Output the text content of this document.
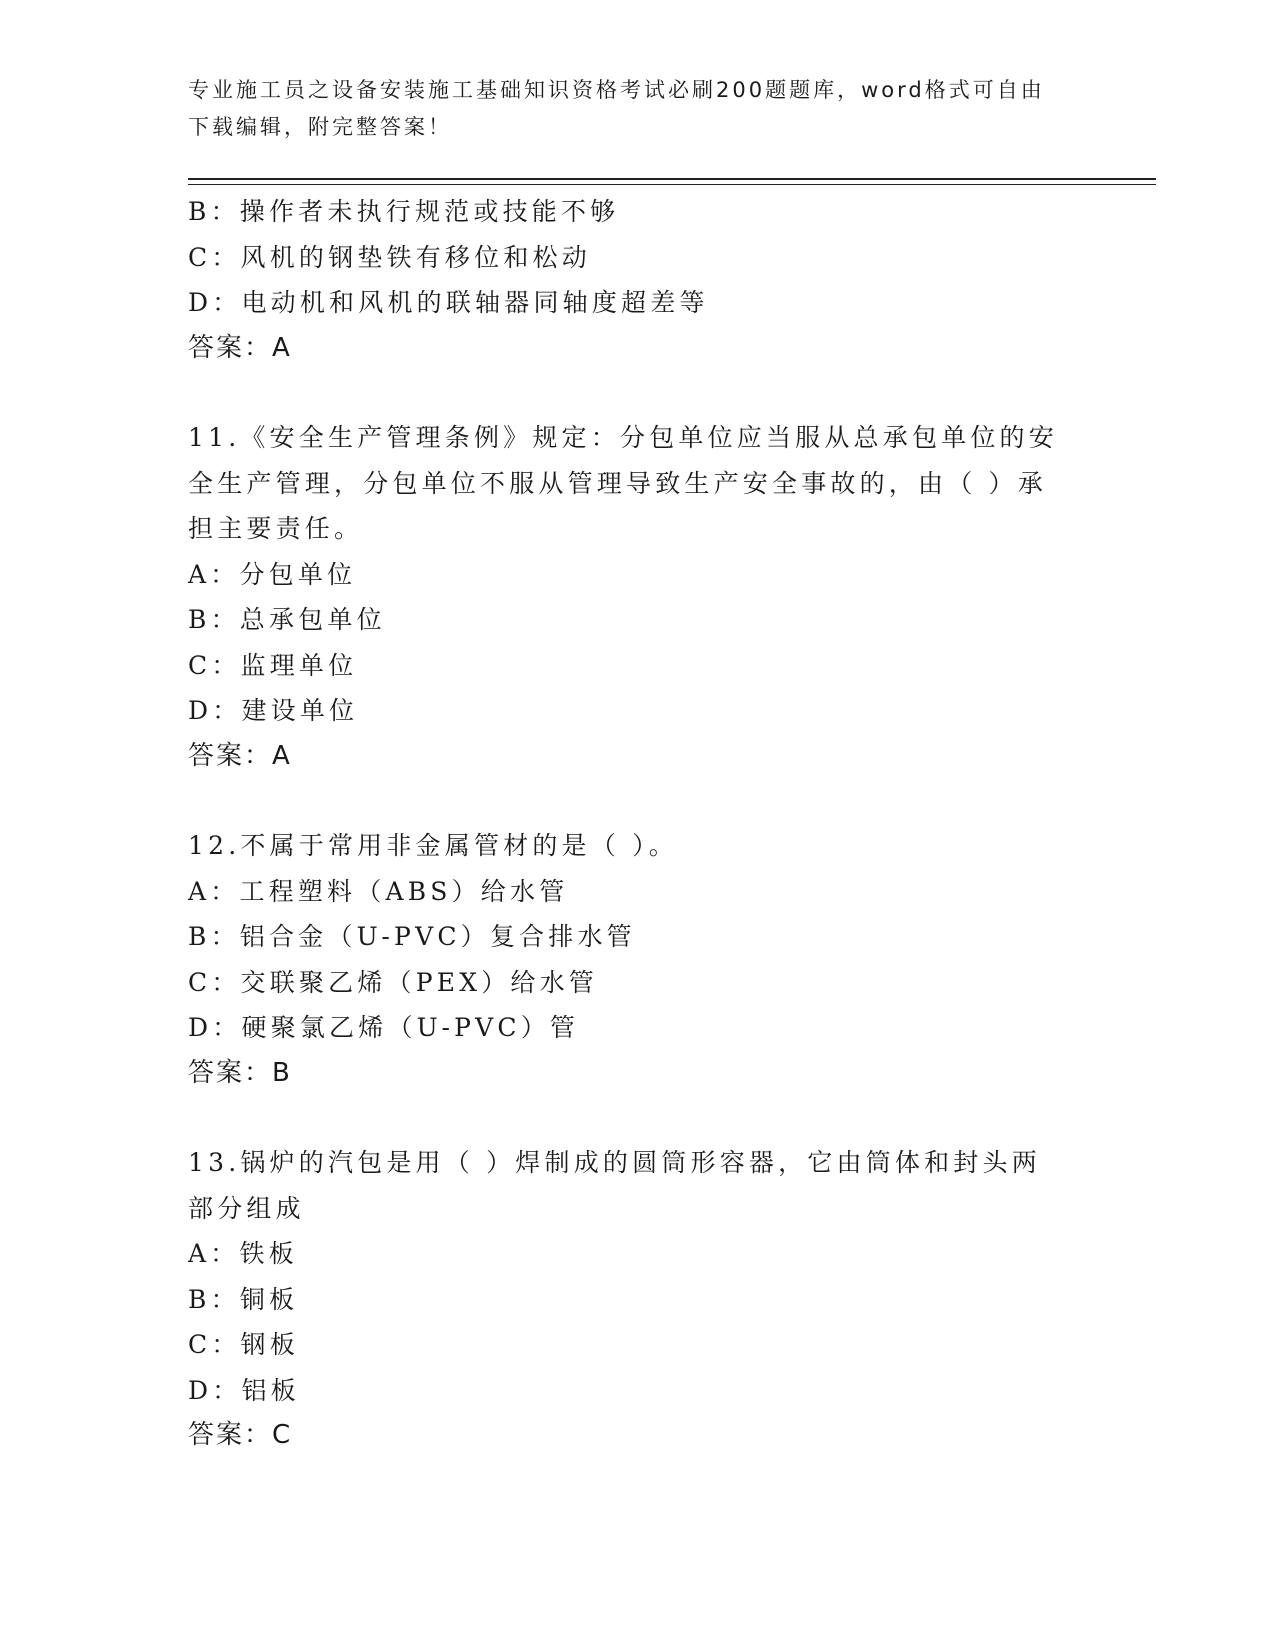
专业施工员之设备安装施工基础知识资格考试必刷200题题库，word格式可自由下载编辑，附完整答案！
B：操作者未执行规范或技能不够
C：风机的钢垫铁有移位和松动
D：电动机和风机的联轴器同轴度超差等
答案：A
11.《安全生产管理条例》规定：分包单位应当服从总承包单位的安全生产管理，分包单位不服从管理导致生产安全事故的，由（ ）承担主要责任。
A：分包单位
B：总承包单位
C：监理单位
D：建设单位
答案：A
12.不属于常用非金属管材的是（ ）。
A：工程塑料（ABS）给水管
B：铝合金（U-PVC）复合排水管
C：交联聚乙烯（PEX）给水管
D：硬聚氯乙烯（U-PVC）管
答案：B
13.锅炉的汽包是用（ ）焊制成的圆筒形容器，它由筒体和封头两部分组成
A：铁板
B：铜板
C：钢板
D：铝板
答案：C
